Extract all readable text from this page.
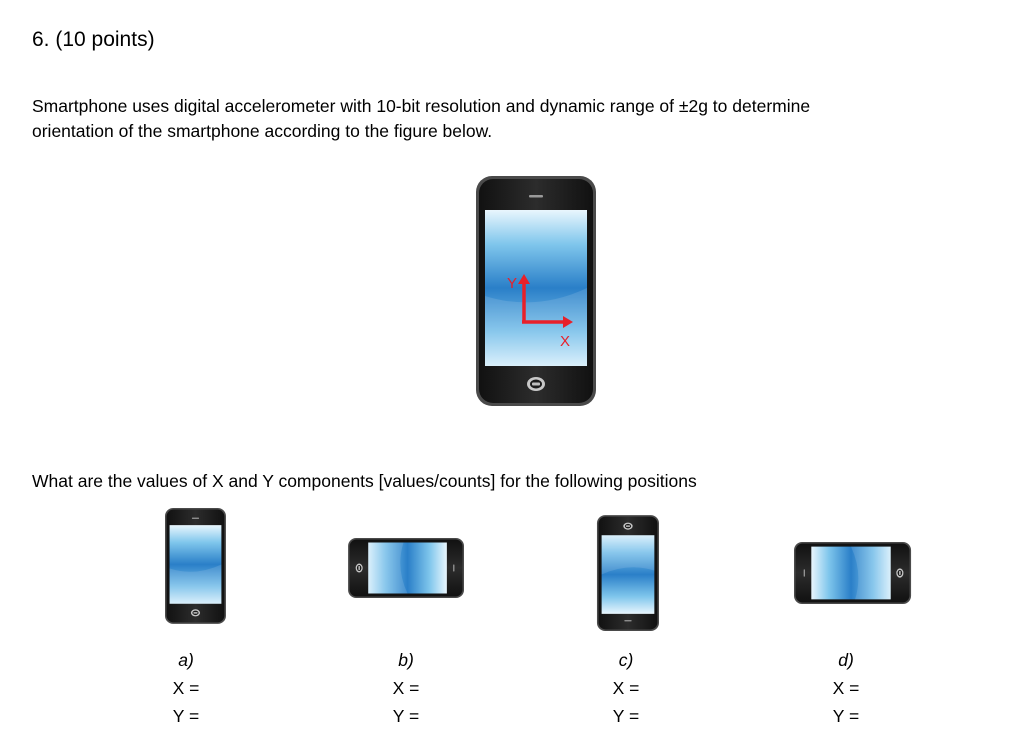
6. (10 points)
Smartphone uses digital accelerometer with 10-bit resolution and dynamic range of ±2g to determine
orientation of the smartphone according to the figure below.
Y
X
What are the values of X and Y components [values/counts] for the following positions
a)
X =
Y =
b)
X =
Y =
c)
X =
Y =
d)
X =
Y =
